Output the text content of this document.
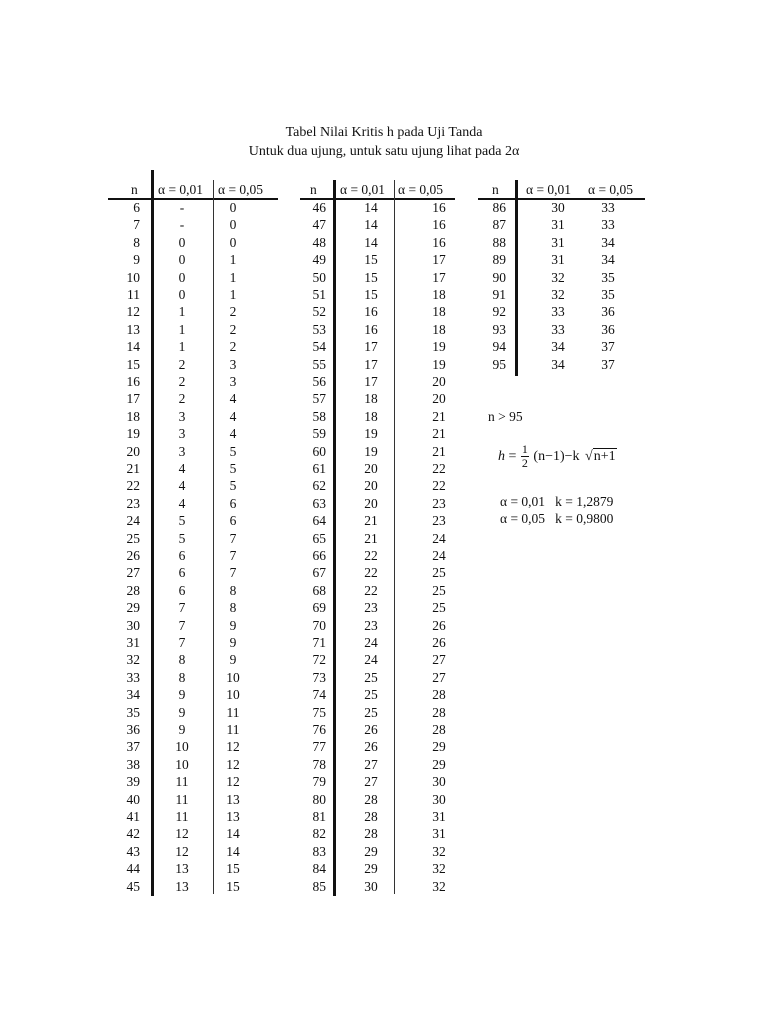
Tabel Nilai Kritis h pada Uji Tanda
Untuk dua ujung, untuk satu ujung lihat pada 2α
n α = 0,01 α = 0,05
6	-	0
7	-	0
8	0	0
9	0	1
10	0	1
11	0	1
12	1	2
13	1	2
14	1	2
15	2	3
16	2	3
17	2	4
18	3	4
19	3	4
20	3	5
21	4	5
22	4	5
23	4	6
24	5	6
25	5	7
26	6	7
27	6	7
28	6	8
29	7	8
30	7	9
31	7	9
32	8	9
33	8	10
34	9	10
35	9	11
36	9	11
37	10	12
38	10	12
39	11	12
40	11	13
41	11	13
42	12	14
43	12	14
44	13	15
45	13	15
n α = 0,01 α = 0,05
46	14	16
47	14	16
48	14	16
49	15	17
50	15	17
51	15	18
52	16	18
53	16	18
54	17	19
55	17	19
56	17	20
57	18	20
58	18	21
59	19	21
60	19	21
61	20	22
62	20	22
63	20	23
64	21	23
65	21	24
66	22	24
67	22	25
68	22	25
69	23	25
70	23	26
71	24	26
72	24	27
73	25	27
74	25	28
75	25	28
76	26	28
77	26	29
78	27	29
79	27	30
80	28	30
81	28	31
82	28	31
83	29	32
84	29	32
85	30	32
n α = 0,01 α = 0,05
86	30	33
87	31	33
88	31	34
89	31	34
90	32	35
91	32	35
92	33	36
93	33	36
94	34	37
95	34	37
n > 95
$h = \frac{1}{2} (n-1)-k$ √n+1
α = 0,01   k = 1,2879
α = 0,05   k = 0,9800
